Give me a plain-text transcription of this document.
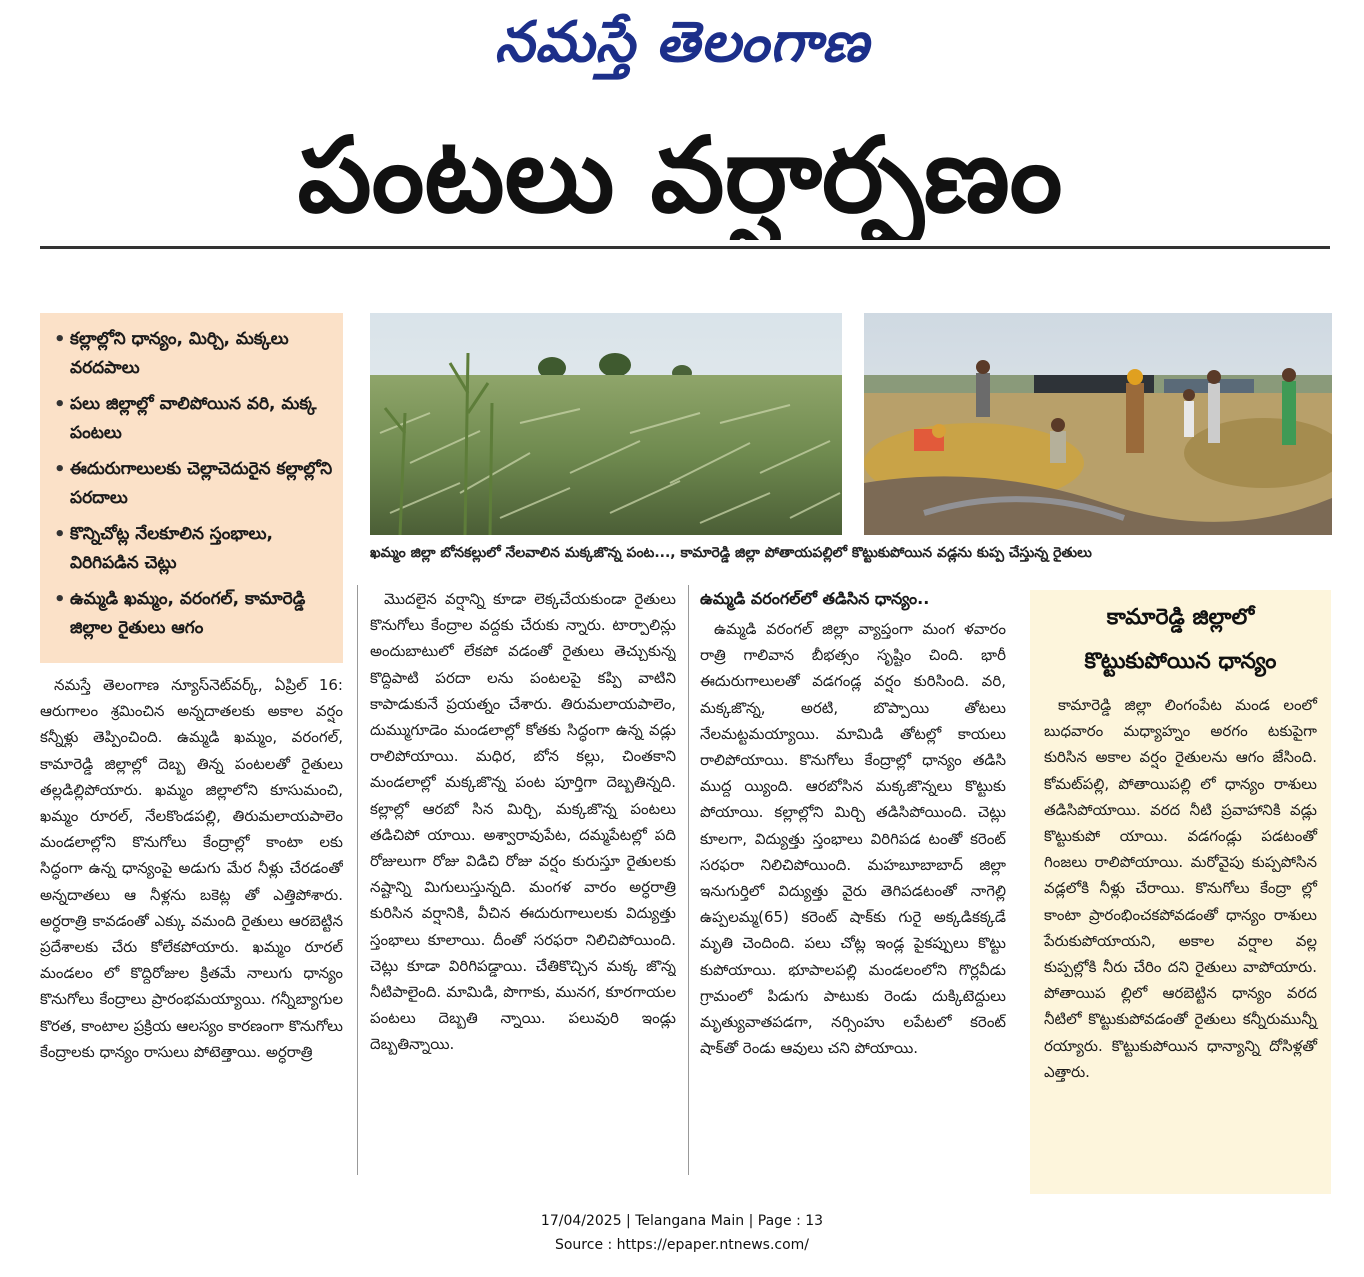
నమస్తే తెలంగాణ
పంటలు వర్షార్పణం
• కల్లాల్లోని ధాన్యం, మిర్చి, మక్కలు వరదపాలు
• పలు జిల్లాల్లో వాలిపోయిన వరి, మక్క పంటలు
• ఈదురుగాలులకు చెల్లాచెదురైన కల్లాల్లోని పరదాలు
• కొన్నిచోట్ల నేలకూలిన స్తంభాలు, విరిగిపడిన చెట్లు
• ఉమ్మడి ఖమ్మం, వరంగల్, కామారెడ్డి జిల్లాల రైతులు ఆగం
ఖమ్మం జిల్లా బోనకల్లులో నేలవాలిన మక్కజొన్న పంట..., కామారెడ్డి జిల్లా పోతాయపల్లిలో కొట్టుకుపోయిన వడ్లను కుప్ప చేస్తున్న రైతులు

నమస్తే తెలంగాణ న్యూస్‌నెట్‌వర్క్, ఏప్రిల్ 16: ఆరుగాలం శ్రమించిన అన్నదాతలకు అకాల వర్షం కన్నీళ్లు తెప్పించింది. ఉమ్మడి ఖమ్మం, వరంగల్, కామారెడ్డి జిల్లాల్లో దెబ్బ తిన్న పంటలతో రైతులు తల్లడిల్లిపోయారు. ఖమ్మం జిల్లాలోని కూసుమంచి, ఖమ్మం రూరల్, నేలకొండపల్లి, తిరుమలాయపాలెం మండలాల్లోని కొనుగోలు కేంద్రాల్లో కాంటా లకు సిద్ధంగా ఉన్న ధాన్యంపై అడుగు మేర నీళ్లు చేరడంతో అన్నదాతలు ఆ నీళ్లను బకెట్ల తో ఎత్తిపోశారు. అర్ధరాత్రి కావడంతో ఎక్కు వమంది రైతులు ఆరబెట్టిన ప్రదేశాలకు చేరు కోలేకపోయారు. ఖమ్మం రూరల్ మండలం లో కొద్దిరోజుల క్రితమే నాలుగు ధాన్యం కొనుగోలు కేంద్రాలు ప్రారంభమయ్యాయి. గన్నీబ్యాగుల కొరత, కాంటాల ప్రక్రియ ఆలస్యం కారణంగా కొనుగోలు కేంద్రాలకు ధాన్యం రాసులు పోటెత్తాయి. అర్ధరాత్రి

మొదలైన వర్షాన్ని కూడా లెక్కచేయకుండా రైతులు కొనుగోలు కేంద్రాల వద్దకు చేరుకు న్నారు. టార్పాలిన్లు అందుబాటులో లేకపో వడంతో రైతులు తెచ్చుకున్న కొద్దిపాటి పరదా లను పంటలపై కప్పి వాటిని కాపాడుకునే ప్రయత్నం చేశారు. తిరుమలాయపాలెం, దుమ్ముగూడెం మండలాల్లో కోతకు సిద్ధంగా ఉన్న వడ్లు రాలిపోయాయి. మధిర, బోన కల్లు, చింతకాని మండలాల్లో మక్కజొన్న పంట పూర్తిగా దెబ్బతిన్నది. కల్లాల్లో ఆరబో సిన మిర్చి, మక్కజొన్న పంటలు తడిచిపో యాయి. అశ్వారావుపేట, దమ్మపేటల్లో పది రోజులుగా రోజు విడిచి రోజు వర్షం కురుస్తూ రైతులకు నష్టాన్ని మిగులుస్తున్నది. మంగళ వారం అర్ధరాత్రి కురిసిన వర్షానికి, వీచిన ఈదురుగాలులకు విద్యుత్తు స్తంభాలు కూలాయి. దీంతో సరఫరా నిలిచిపోయింది. చెట్లు కూడా విరిగిపడ్డాయి. చేతికొచ్చిన మక్క జొన్న నీటిపాలైంది. మామిడి, పొగాకు, మునగ, కూరగాయల పంటలు దెబ్బతి న్నాయి. పలువురి ఇండ్లు దెబ్బతిన్నాయి.

ఉమ్మడి వరంగల్‌లో తడిసిన ధాన్యం..

ఉమ్మడి వరంగల్ జిల్లా వ్యాప్తంగా మంగ ళవారం రాత్రి గాలివాన బీభత్సం సృష్టిం చింది. భారీ ఈదురుగాలులతో వడగండ్ల వర్షం కురిసింది. వరి, మక్కజొన్న, అరటి, బొప్పాయి తోటలు నేలమట్టమయ్యాయి. మామిడి తోటల్లో కాయలు రాలిపోయాయి. కొనుగోలు కేంద్రాల్లో ధాన్యం తడిసి ముద్ద య్యింది. ఆరబోసిన మక్కజొన్నలు కొట్టుకు పోయాయి. కల్లాల్లోని మిర్చి తడిసిపోయింది. చెట్లు కూలగా, విద్యుత్తు స్తంభాలు విరిగిపడ టంతో కరెంట్ సరఫరా నిలిచిపోయింది. మహబూబాబాద్ జిల్లా ఇనుగుర్తిలో విద్యుత్తు వైరు తెగిపడటంతో నాగెల్లి ఉప్పలమ్మ(65) కరెంట్ షాక్‌కు గురై అక్కడికక్కడే మృతి చెందింది. పలు చోట్ల ఇండ్ల పైకప్పులు కొట్టు కుపోయాయి. భూపాలపల్లి మండలంలోని గొర్లవీడు గ్రామంలో పిడుగు పాటుకు రెండు దుక్కిటెద్దులు మృత్యువాతపడగా, నర్సింహు లపేటలో కరెంట్ షాక్‌తో రెండు ఆవులు చని పోయాయి.

కామారెడ్డి జిల్లాలో
కొట్టుకుపోయిన ధాన్యం

కామారెడ్డి జిల్లా లింగంపేట మండ లంలో బుధవారం మధ్యాహ్నం అరగం టకుపైగా కురిసిన అకాల వర్షం రైతులను ఆగం జేసింది. కోమట్‌పల్లి, పోతాయిపల్లి లో ధాన్యం రాశులు తడిసిపోయాయి. వరద నీటి ప్రవాహానికి వడ్లు కొట్టుకుపో యాయి. వడగండ్లు పడటంతో గింజలు రాలిపోయాయి. మరోవైపు కుప్పపోసిన వడ్లలోకి నీళ్లు చేరాయి. కొనుగోలు కేంద్రా ల్లో కాంటా ప్రారంభించకపోవడంతో ధాన్యం రాశులు పేరుకుపోయాయని, అకాల వర్షాల వల్ల కుప్పల్లోకి నీరు చేరిం దని రైతులు వాపోయారు. పోతాయిప ల్లిలో ఆరబెట్టిన ధాన్యం వరద నీటిలో కొట్టుకుపోవడంతో రైతులు కన్నీరుమున్నీ రయ్యారు. కొట్టుకుపోయిన ధాన్యాన్ని దోసిళ్లతో ఎత్తారు.

17/04/2025 | Telangana Main | Page : 13
Source : https://epaper.ntnews.com/
